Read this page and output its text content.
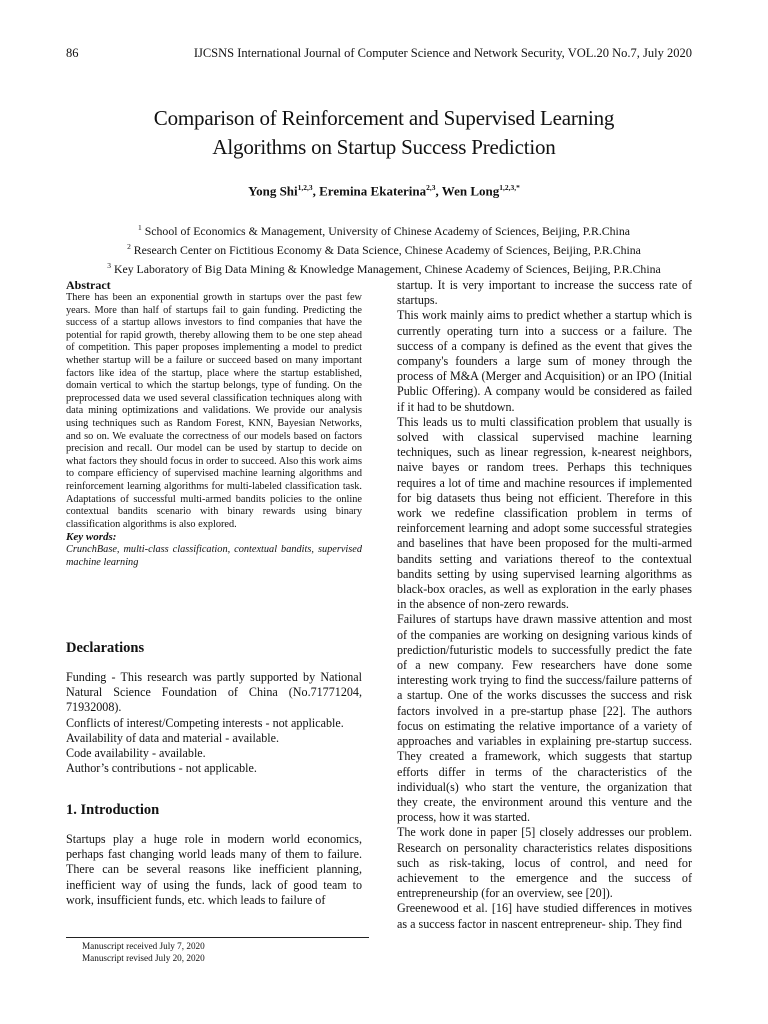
86	IJCSNS International Journal of Computer Science and Network Security, VOL.20 No.7, July 2020
Comparison of Reinforcement and Supervised Learning
Algorithms on Startup Success Prediction
Yong Shi$^{1,2,3}$, Eremina Ekaterina$^{2,3}$, Wen Long$^{1,2,3,*}$
$^1$ School of Economics & Management, University of Chinese Academy of Sciences, Beijing, P.R.China
$^2$ Research Center on Fictitious Economy & Data Science, Chinese Academy of Sciences, Beijing, P.R.China
$^3$ Key Laboratory of Big Data Mining & Knowledge Management, Chinese Academy of Sciences, Beijing, P.R.China
Abstract
There has been an exponential growth in startups over the past few years. More than half of startups fail to gain funding. Predicting the success of a startup allows investors to find companies that have the potential for rapid growth, thereby allowing them to be one step ahead of competition. This paper proposes implementing a model to predict whether startup will be a failure or succeed based on many important factors like idea of the startup, place where the startup established, domain vertical to which the startup belongs, type of funding. On the preprocessed data we used several classification techniques along with data mining optimizations and validations. We provide our analysis using techniques such as Random Forest, KNN, Bayesian Networks, and so on. We evaluate the correctness of our models based on factors precision and recall. Our model can be used by startup to decide on what factors they should focus in order to succeed. Also this work aims to compare efficiency of supervised machine learning algorithms and reinforcement learning algorithms for multi-labeled classification task. Adaptations of successful multi-armed bandits policies to the online contextual bandits scenario with binary rewards using binary classification algorithms is also explored.
Key words:
CrunchBase, multi-class classification, contextual bandits, supervised machine learning
Declarations

Funding - This research was partly supported by National Natural Science Foundation of China (No.71771204, 71932008).

Conflicts of interest/Competing interests - not applicable.

Availability of data and material - available.

Code availability - available.

Author’s contributions - not applicable.

1. Introduction
Startups play a huge role in modern world economics, perhaps fast changing world leads many of them to failure. There can be several reasons like inefficient planning, inefficient way of using the funds, lack of good team to work, insufficient funds, etc. which leads to failure of
startup. It is very important to increase the success rate of startups.
This work mainly aims to predict whether a startup which is currently operating turn into a success or a failure. The success of a company is defined as the event that gives the company's founders a large sum of money through the process of M&A (Merger and Acquisition) or an IPO (Initial Public Offering). A company would be considered as failed if it had to be shutdown.
This leads us to multi classification problem that usually is solved with classical supervised machine learning techniques, such as linear regression, k-nearest neighbors, naive bayes or random trees. Perhaps this techniques requires a lot of time and machine resources if implemented for big datasets thus being not efficient. Therefore in this work we redefine classification problem in terms of reinforcement learning and adopt some successful strategies and baselines that have been proposed for the multi-armed bandits setting and variations thereof to the contextual bandits setting by using supervised learning algorithms as black-box oracles, as well as exploration in the early phases in the absence of non-zero rewards.
Failures of startups have drawn massive attention and most of the companies are working on designing various kinds of prediction/futuristic models to successfully predict the fate of a new company. Few researchers have done some interesting work trying to find the success/failure patterns of a startup. One of the works discusses the success and risk factors involved in a pre-startup phase [22]. The authors focus on estimating the relative importance of a variety of approaches and variables in explaining pre-startup success. They created a framework, which suggests that startup efforts differ in terms of the characteristics of the individual(s) who start the venture, the organization that they create, the environment around this venture and the process, how it was started.
The work done in paper [5] closely addresses our problem. Research on personality characteristics relates dispositions such as risk-taking, locus of control, and need for achievement to the emergence and the success of entrepreneurship (for an overview, see [20]).
Greenewood et al. [16] have studied differences in motives as a success factor in nascent entrepreneur- ship. They find
Manuscript received July 7, 2020
Manuscript revised July 20, 2020
